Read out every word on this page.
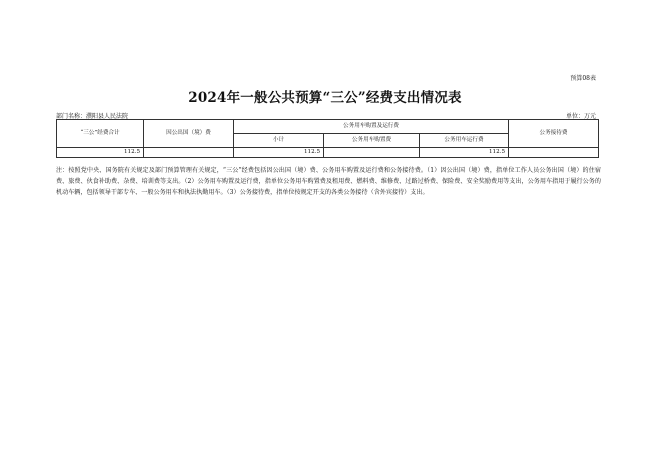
预算08表
2024年一般公共预算“三公”经费支出情况表
部门名称：濮阳县人民法院	单位：万元
“三公”经费合计	因公出国（境）费	公务用车购置及运行费			公务接待费
		小计	公务用车购置费	公务用车运行费	
112.5		112.5		112.5	
注：按照党中央、国务院有关规定及部门预算管理有关规定，“三公”经费包括因公出国（境）费、公务用车购置及运行费和公务接待费。（1）因公出国（境）费，指单位工作人员公务出国（境）的住宿费、旅费、伙食补助费、杂费、培训费等支出。（2）公务用车购置及运行费，指单位公务用车购置费及租用费、燃料费、维修费、过路过桥费、保险费、安全奖励费用等支出，公务用车指用于履行公务的机动车辆，包括领导干部专车、一般公务用车和执法执勤用车。（3）公务接待费，指单位按规定开支的各类公务接待（含外宾接待）支出。
